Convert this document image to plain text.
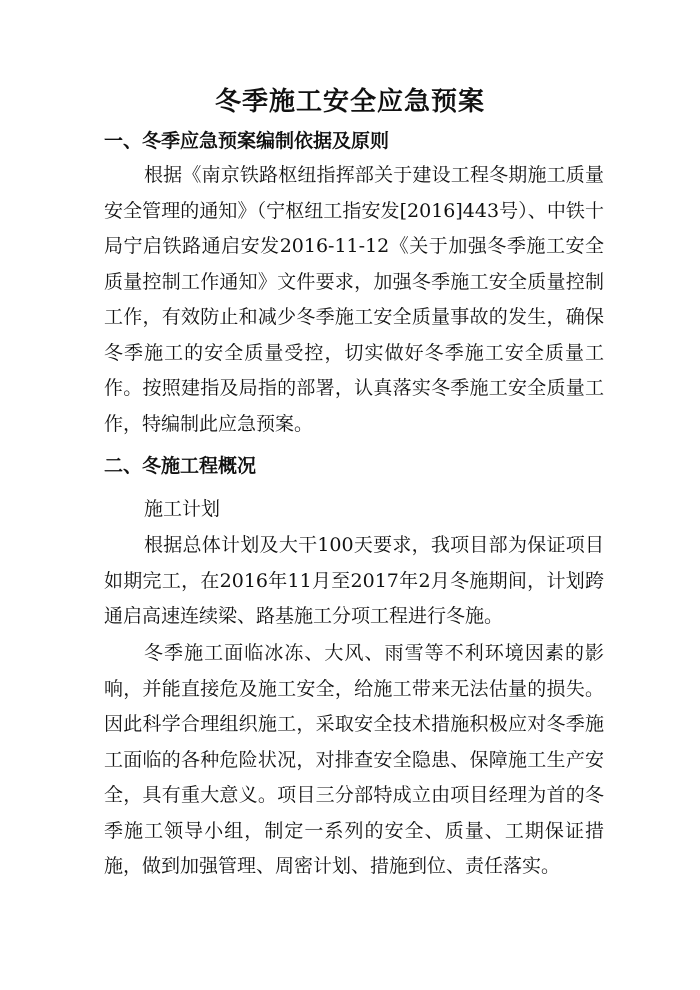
冬季施工安全应急预案
一、冬季应急预案编制依据及原则

根据《南京铁路枢纽指挥部关于建设工程冬期施工质量安全管理的通知》（宁枢纽工指安发[2016]443号）、中铁十局宁启铁路通启安发2016-11-12《关于加强冬季施工安全质量控制工作通知》文件要求，加强冬季施工安全质量控制工作，有效防止和减少冬季施工安全质量事故的发生，确保冬季施工的安全质量受控，切实做好冬季施工安全质量工作。按照建指及局指的部署，认真落实冬季施工安全质量工作，特编制此应急预案。

二、冬施工程概况

施工计划

根据总体计划及大干100天要求，我项目部为保证项目如期完工，在2016年11月至2017年2月冬施期间，计划跨通启高速连续梁、路基施工分项工程进行冬施。

冬季施工面临冰冻、大风、雨雪等不利环境因素的影响，并能直接危及施工安全，给施工带来无法估量的损失。因此科学合理组织施工，采取安全技术措施积极应对冬季施工面临的各种危险状况，对排查安全隐患、保障施工生产安全，具有重大意义。项目三分部特成立由项目经理为首的冬季施工领导小组，制定一系列的安全、质量、工期保证措施，做到加强管理、周密计划、措施到位、责任落实。
